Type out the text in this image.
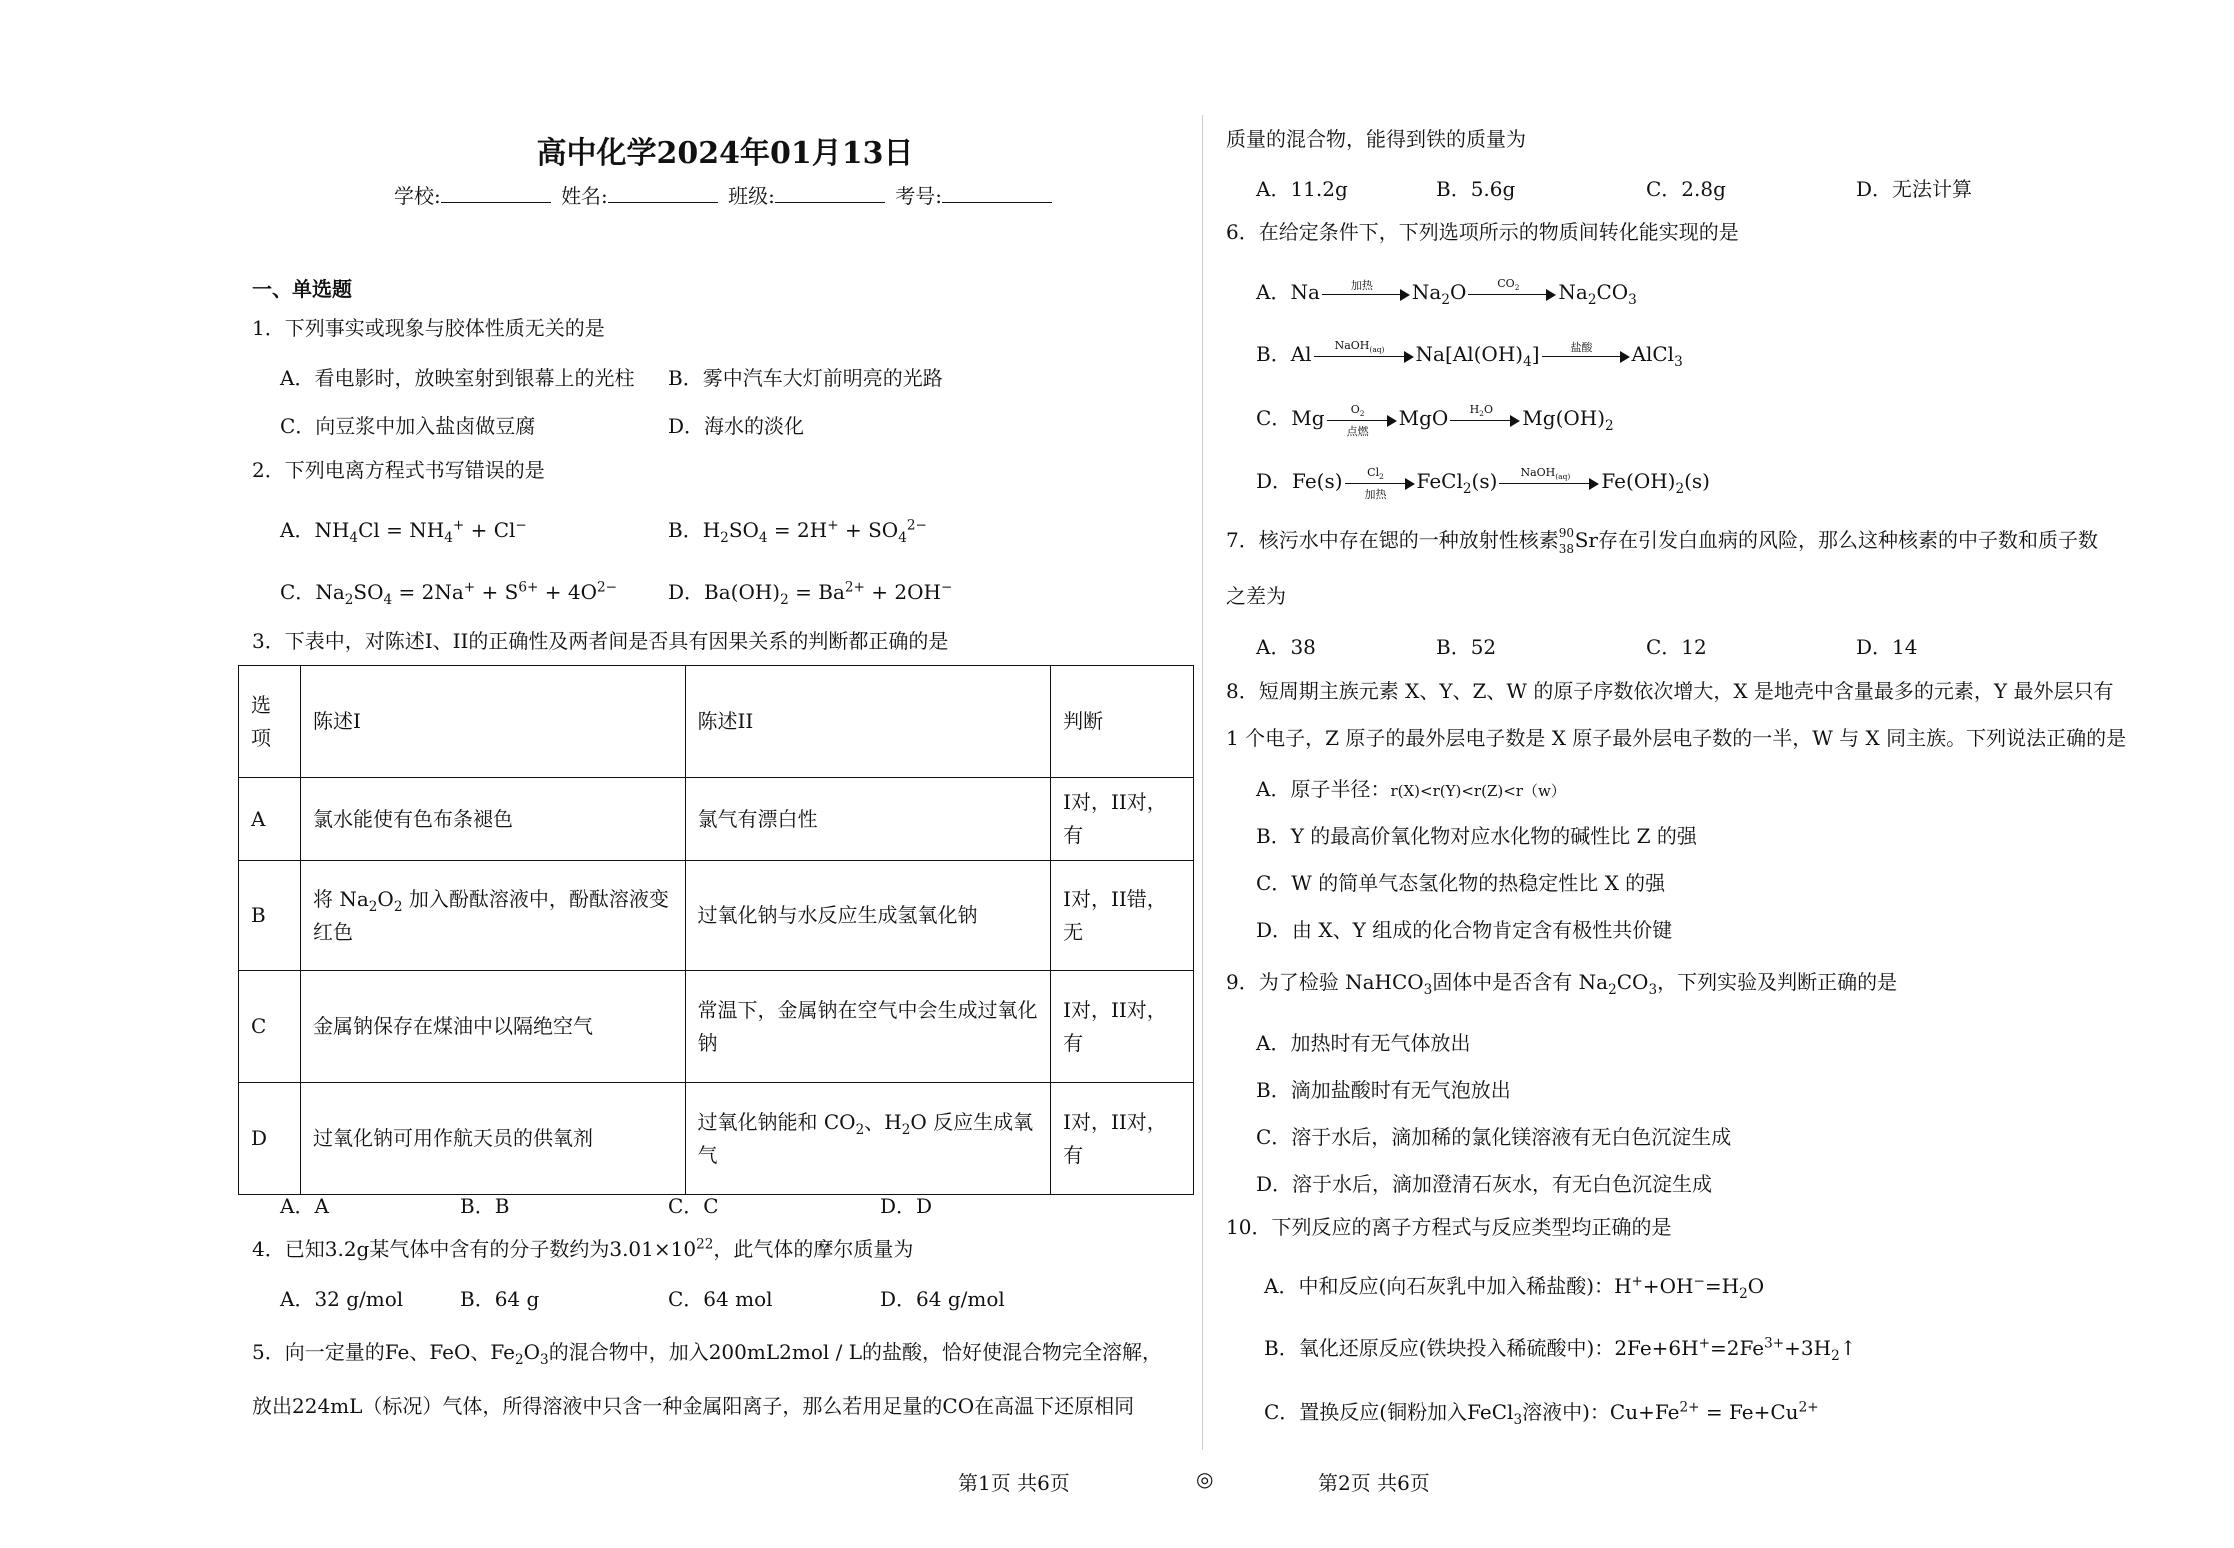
高中化学2024年01月13日
学校:	姓名:	班级:	考号:
一、单选题
1．下列事实或现象与胶体性质无关的是
A．看电影时，放映室射到银幕上的光柱 B．雾中汽车大灯前明亮的光路
C．向豆浆中加入盐卤做豆腐	D．海水的淡化
2．下列电离方程式书写错误的是
A．$NH_4Cl = NH_4^+ + Cl^-$	B．$H_2SO_4 = 2H^+ + SO_4^{2-}$
C．$Na_2SO_4 = 2Na^+ + S^{6+} + 4O^{2-}$	D．$Ba(OH)_2 = Ba^{2+} + 2OH^-$
3．下表中，对陈述I、II的正确性及两者间是否具有因果关系的判断都正确的是
选项	陈述I	陈述II	判断
A	氯水能使有色布条褪色	氯气有漂白性	I对，II对，有
B	将 $Na_2O_2$ 加入酚酞溶液中，酚酞溶液变红色	过氧化钠与水反应生成氢氧化钠	I对，II错，无
C	金属钠保存在煤油中以隔绝空气	常温下，金属钠在空气中会生成过氧化钠	I对，II对，有
D	过氧化钠可用作航天员的供氧剂	过氧化钠能和 $CO_2$、$H_2O$ 反应生成氧气	I对，II对，有
A．A	B．B	C．C	D．D
4．已知3.2g某气体中含有的分子数约为$3.01\times 10^{22}$，此气体的摩尔质量为
A．32 g/mol	B．64 g	C．64 mol	D．64 g/mol
5．向一定量的Fe、FeO、$Fe_2O_3$的混合物中，加入200mL2mol / L的盐酸，恰好使混合物完全溶解，
放出224mL（标况）气体，所得溶液中只含一种金属阳离子，那么若用足量的CO在高温下还原相同
质量的混合物，能得到铁的质量为
A．11.2g	B．5.6g	C．2.8g	D．无法计算
6．在给定条件下，下列选项所示的物质间转化能实现的是
A．Na	加热	$Na_2O$	$CO_2$	$Na_2CO_3$
B．Al	NaOH$_{(aq)}$	$Na[Al(OH)_4]$	盐酸	AlCl$_3$
C．Mg	$O_2$
点燃
MgO	$H_2O$	$Mg(OH)_2$
D．Fe(s)	$Cl_2$
加热
FeCl$_2$(s)	NaOH$_{(aq)}$	$Fe(OH)_2(s)$
7．核污水中存在锶的一种放射性核素 90
38 Sr存在引发白血病的风险，那么这种核素的中子数和质子数
之差为
A．38	B．52	C．12	D．14
8．短周期主族元素 X、Y、Z、W 的原子序数依次增大，X 是地壳中含量最多的元素，Y 最外层只有
1 个电子，Z 原子的最外层电子数是 X 原子最外层电子数的一半，W 与 X 同主族。下列说法正确的是
A．原子半径：r(X)<r(Y)<r(Z)<r（w）
B．Y 的最高价氧化物对应水化物的碱性比 Z 的强
C．W 的简单气态氢化物的热稳定性比 X 的强
D．由 X、Y 组成的化合物肯定含有极性共价键
9．为了检验 NaHCO$_3$固体中是否含有 $Na_2CO_3$，下列实验及判断正确的是
A．加热时有无气体放出
B．滴加盐酸时有无气泡放出
C．溶于水后，滴加稀的氯化镁溶液有无白色沉淀生成
D．溶于水后，滴加澄清石灰水，有无白色沉淀生成
10．下列反应的离子方程式与反应类型均正确的是
A．中和反应(向石灰乳中加入稀盐酸)：$H^++OH^-=H_2O$
B．氧化还原反应(铁块投入稀硫酸中)：$2Fe+6H^+=2Fe^{3+}+3H_2↑$
C．置换反应(铜粉加入FeCl$_3$溶液中)：$Cu+Fe^{2+} = Fe+Cu^{2+}$
第1页 共6页	◎	第2页 共6页
